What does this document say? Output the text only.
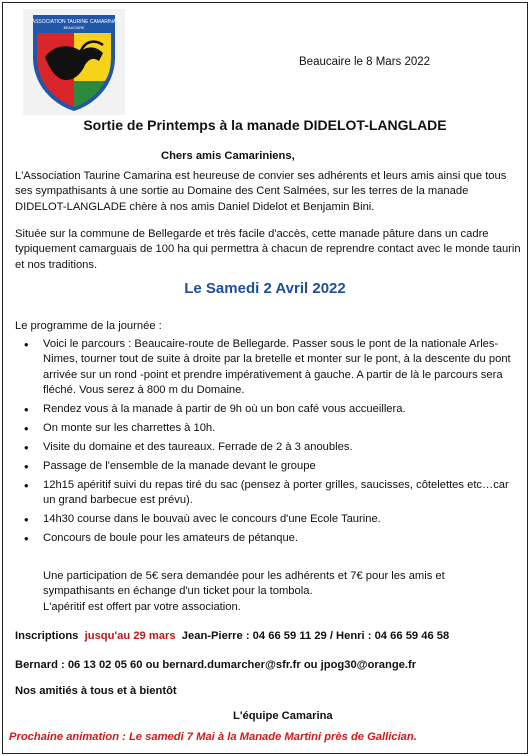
ASSOCIATION TAURINE CAMARINA
BEAUCAIRE
Beaucaire le 8 Mars 2022
Sortie de Printemps à la manade DIDELOT-LANGLADE
Chers amis Camariniens,

L'Association Taurine Camarina est heureuse de convier ses adhérents et leurs amis ainsi que tous ses sympathisants à une sortie au Domaine des Cent Salmées, sur les terres de la manade DIDELOT-LANGLADE chère à nos amis Daniel Didelot et Benjamin Bini.

Située sur la commune de Bellegarde et très facile d'accès, cette manade pâture dans un cadre typiquement camarguais de 100 ha qui permettra à chacun de reprendre contact avec le monde taurin et nos traditions.

Le Samedi 2 Avril 2022
Le programme de la journée :
• Voici le parcours : Beaucaire-route de Bellegarde. Passer sous le pont de la nationale Arles-Nimes, tourner tout de suite à droite par la bretelle et monter sur le pont, à la descente du pont arrivée sur un rond -point et prendre impérativement à gauche. A partir de là le parcours sera fléché. Vous serez à 800 m du Domaine.
• Rendez vous à la manade à partir de 9h où un bon café vous accueillera.
• On monte sur les charrettes à 10h.
• Visite du domaine et des taureaux. Ferrade de 2 à 3 anoubles.
• Passage de l'ensemble de la manade devant le groupe
• 12h15 apéritif suivi du repas tiré du sac (pensez à porter grilles, saucisses, côtelettes etc…car un grand barbecue est prévu).
• 14h30 course dans le bouvaù avec le concours d'une Ecole Taurine.
• Concours de boule pour les amateurs de pétanque.

Une participation de 5€ sera demandée pour les adhérents et 7€ pour les amis et sympathisants en échange d'un ticket pour la tombola.
L'apéritif est offert par votre association.

Inscriptions jusqu'au 29 mars Jean-Pierre : 04 66 59 11 29 / Henri : 04 66 59 46 58
Bernard : 06 13 02 05 60 ou bernard.dumarcher@sfr.fr ou jpog30@orange.fr
Nos amitiés à tous et à bientôt
L'équipe Camarina
Prochaine animation : Le samedi 7 Mai à la Manade Martini près de Gallician.
